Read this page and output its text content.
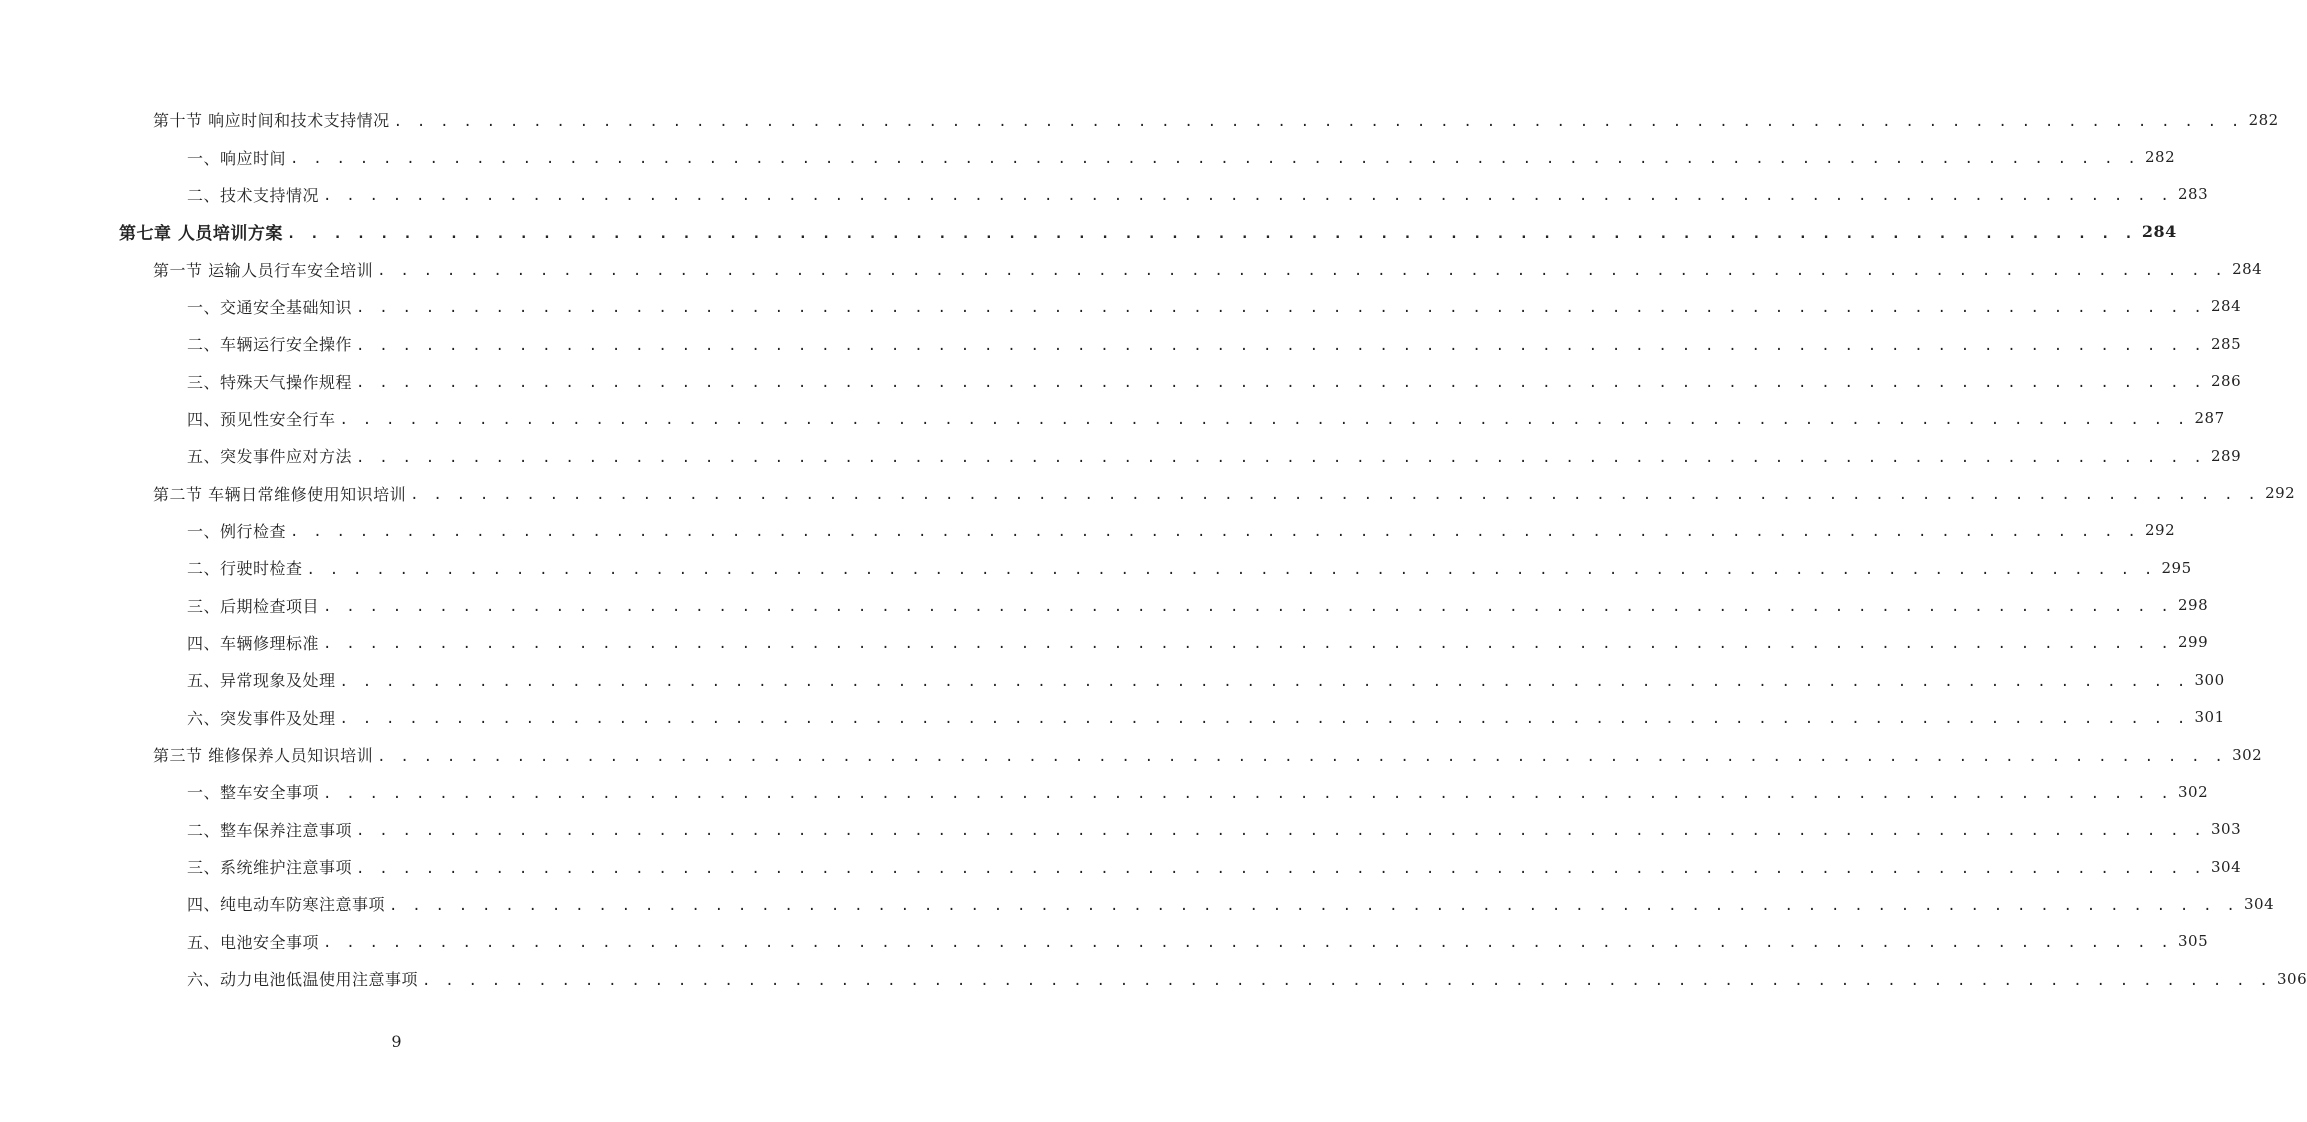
第十节 响应时间和技术支持情况 . . . . . . . . . . . . . . . . . . . . . . . . . . . . . . . . . . . . . . . . . . . . . . . . . . . . . . . . . . . . . . . . . . . . . . . . . . . . . . . . 282
一、响应时间 . . . . . . . . . . . . . . . . . . . . . . . . . . . . . . . . . . . . . . . . . . . . . . . . . . . . . . . . . . . . . . . . . . . . . . . . . . . . . . . . 282
二、技术支持情况 . . . . . . . . . . . . . . . . . . . . . . . . . . . . . . . . . . . . . . . . . . . . . . . . . . . . . . . . . . . . . . . . . . . . . . . . . . . . . . . . 283
第七章 人员培训方案 . . . . . . . . . . . . . . . . . . . . . . . . . . . . . . . . . . . . . . . . . . . . . . . . . . . . . . . . . . . . . . . . . . . . . . . . . . . . . . . . 284
第一节 运输人员行车安全培训 . . . . . . . . . . . . . . . . . . . . . . . . . . . . . . . . . . . . . . . . . . . . . . . . . . . . . . . . . . . . . . . . . . . . . . . . . . . . . . . . 284
一、交通安全基础知识 . . . . . . . . . . . . . . . . . . . . . . . . . . . . . . . . . . . . . . . . . . . . . . . . . . . . . . . . . . . . . . . . . . . . . . . . . . . . . . . . 284
二、车辆运行安全操作 . . . . . . . . . . . . . . . . . . . . . . . . . . . . . . . . . . . . . . . . . . . . . . . . . . . . . . . . . . . . . . . . . . . . . . . . . . . . . . . . 285
三、特殊天气操作规程 . . . . . . . . . . . . . . . . . . . . . . . . . . . . . . . . . . . . . . . . . . . . . . . . . . . . . . . . . . . . . . . . . . . . . . . . . . . . . . . . 286
四、预见性安全行车 . . . . . . . . . . . . . . . . . . . . . . . . . . . . . . . . . . . . . . . . . . . . . . . . . . . . . . . . . . . . . . . . . . . . . . . . . . . . . . . . 287
五、突发事件应对方法 . . . . . . . . . . . . . . . . . . . . . . . . . . . . . . . . . . . . . . . . . . . . . . . . . . . . . . . . . . . . . . . . . . . . . . . . . . . . . . . . 289
第二节 车辆日常维修使用知识培训 . . . . . . . . . . . . . . . . . . . . . . . . . . . . . . . . . . . . . . . . . . . . . . . . . . . . . . . . . . . . . . . . . . . . . . . . . . . . . . . . 292
一、例行检查 . . . . . . . . . . . . . . . . . . . . . . . . . . . . . . . . . . . . . . . . . . . . . . . . . . . . . . . . . . . . . . . . . . . . . . . . . . . . . . . . 292
二、行驶时检查 . . . . . . . . . . . . . . . . . . . . . . . . . . . . . . . . . . . . . . . . . . . . . . . . . . . . . . . . . . . . . . . . . . . . . . . . . . . . . . . . 295
三、后期检查项目 . . . . . . . . . . . . . . . . . . . . . . . . . . . . . . . . . . . . . . . . . . . . . . . . . . . . . . . . . . . . . . . . . . . . . . . . . . . . . . . . 298
四、车辆修理标准 . . . . . . . . . . . . . . . . . . . . . . . . . . . . . . . . . . . . . . . . . . . . . . . . . . . . . . . . . . . . . . . . . . . . . . . . . . . . . . . . 299
五、异常现象及处理 . . . . . . . . . . . . . . . . . . . . . . . . . . . . . . . . . . . . . . . . . . . . . . . . . . . . . . . . . . . . . . . . . . . . . . . . . . . . . . . . 300
六、突发事件及处理 . . . . . . . . . . . . . . . . . . . . . . . . . . . . . . . . . . . . . . . . . . . . . . . . . . . . . . . . . . . . . . . . . . . . . . . . . . . . . . . . 301
第三节 维修保养人员知识培训 . . . . . . . . . . . . . . . . . . . . . . . . . . . . . . . . . . . . . . . . . . . . . . . . . . . . . . . . . . . . . . . . . . . . . . . . . . . . . . . . 302
一、整车安全事项 . . . . . . . . . . . . . . . . . . . . . . . . . . . . . . . . . . . . . . . . . . . . . . . . . . . . . . . . . . . . . . . . . . . . . . . . . . . . . . . . 302
二、整车保养注意事项 . . . . . . . . . . . . . . . . . . . . . . . . . . . . . . . . . . . . . . . . . . . . . . . . . . . . . . . . . . . . . . . . . . . . . . . . . . . . . . . . 303
三、系统维护注意事项 . . . . . . . . . . . . . . . . . . . . . . . . . . . . . . . . . . . . . . . . . . . . . . . . . . . . . . . . . . . . . . . . . . . . . . . . . . . . . . . . 304
四、纯电动车防寒注意事项 . . . . . . . . . . . . . . . . . . . . . . . . . . . . . . . . . . . . . . . . . . . . . . . . . . . . . . . . . . . . . . . . . . . . . . . . . . . . . . . . 304
五、电池安全事项 . . . . . . . . . . . . . . . . . . . . . . . . . . . . . . . . . . . . . . . . . . . . . . . . . . . . . . . . . . . . . . . . . . . . . . . . . . . . . . . . 305
六、动力电池低温使用注意事项 . . . . . . . . . . . . . . . . . . . . . . . . . . . . . . . . . . . . . . . . . . . . . . . . . . . . . . . . . . . . . . . . . . . . . . . . . . . . . . . . 306
9
